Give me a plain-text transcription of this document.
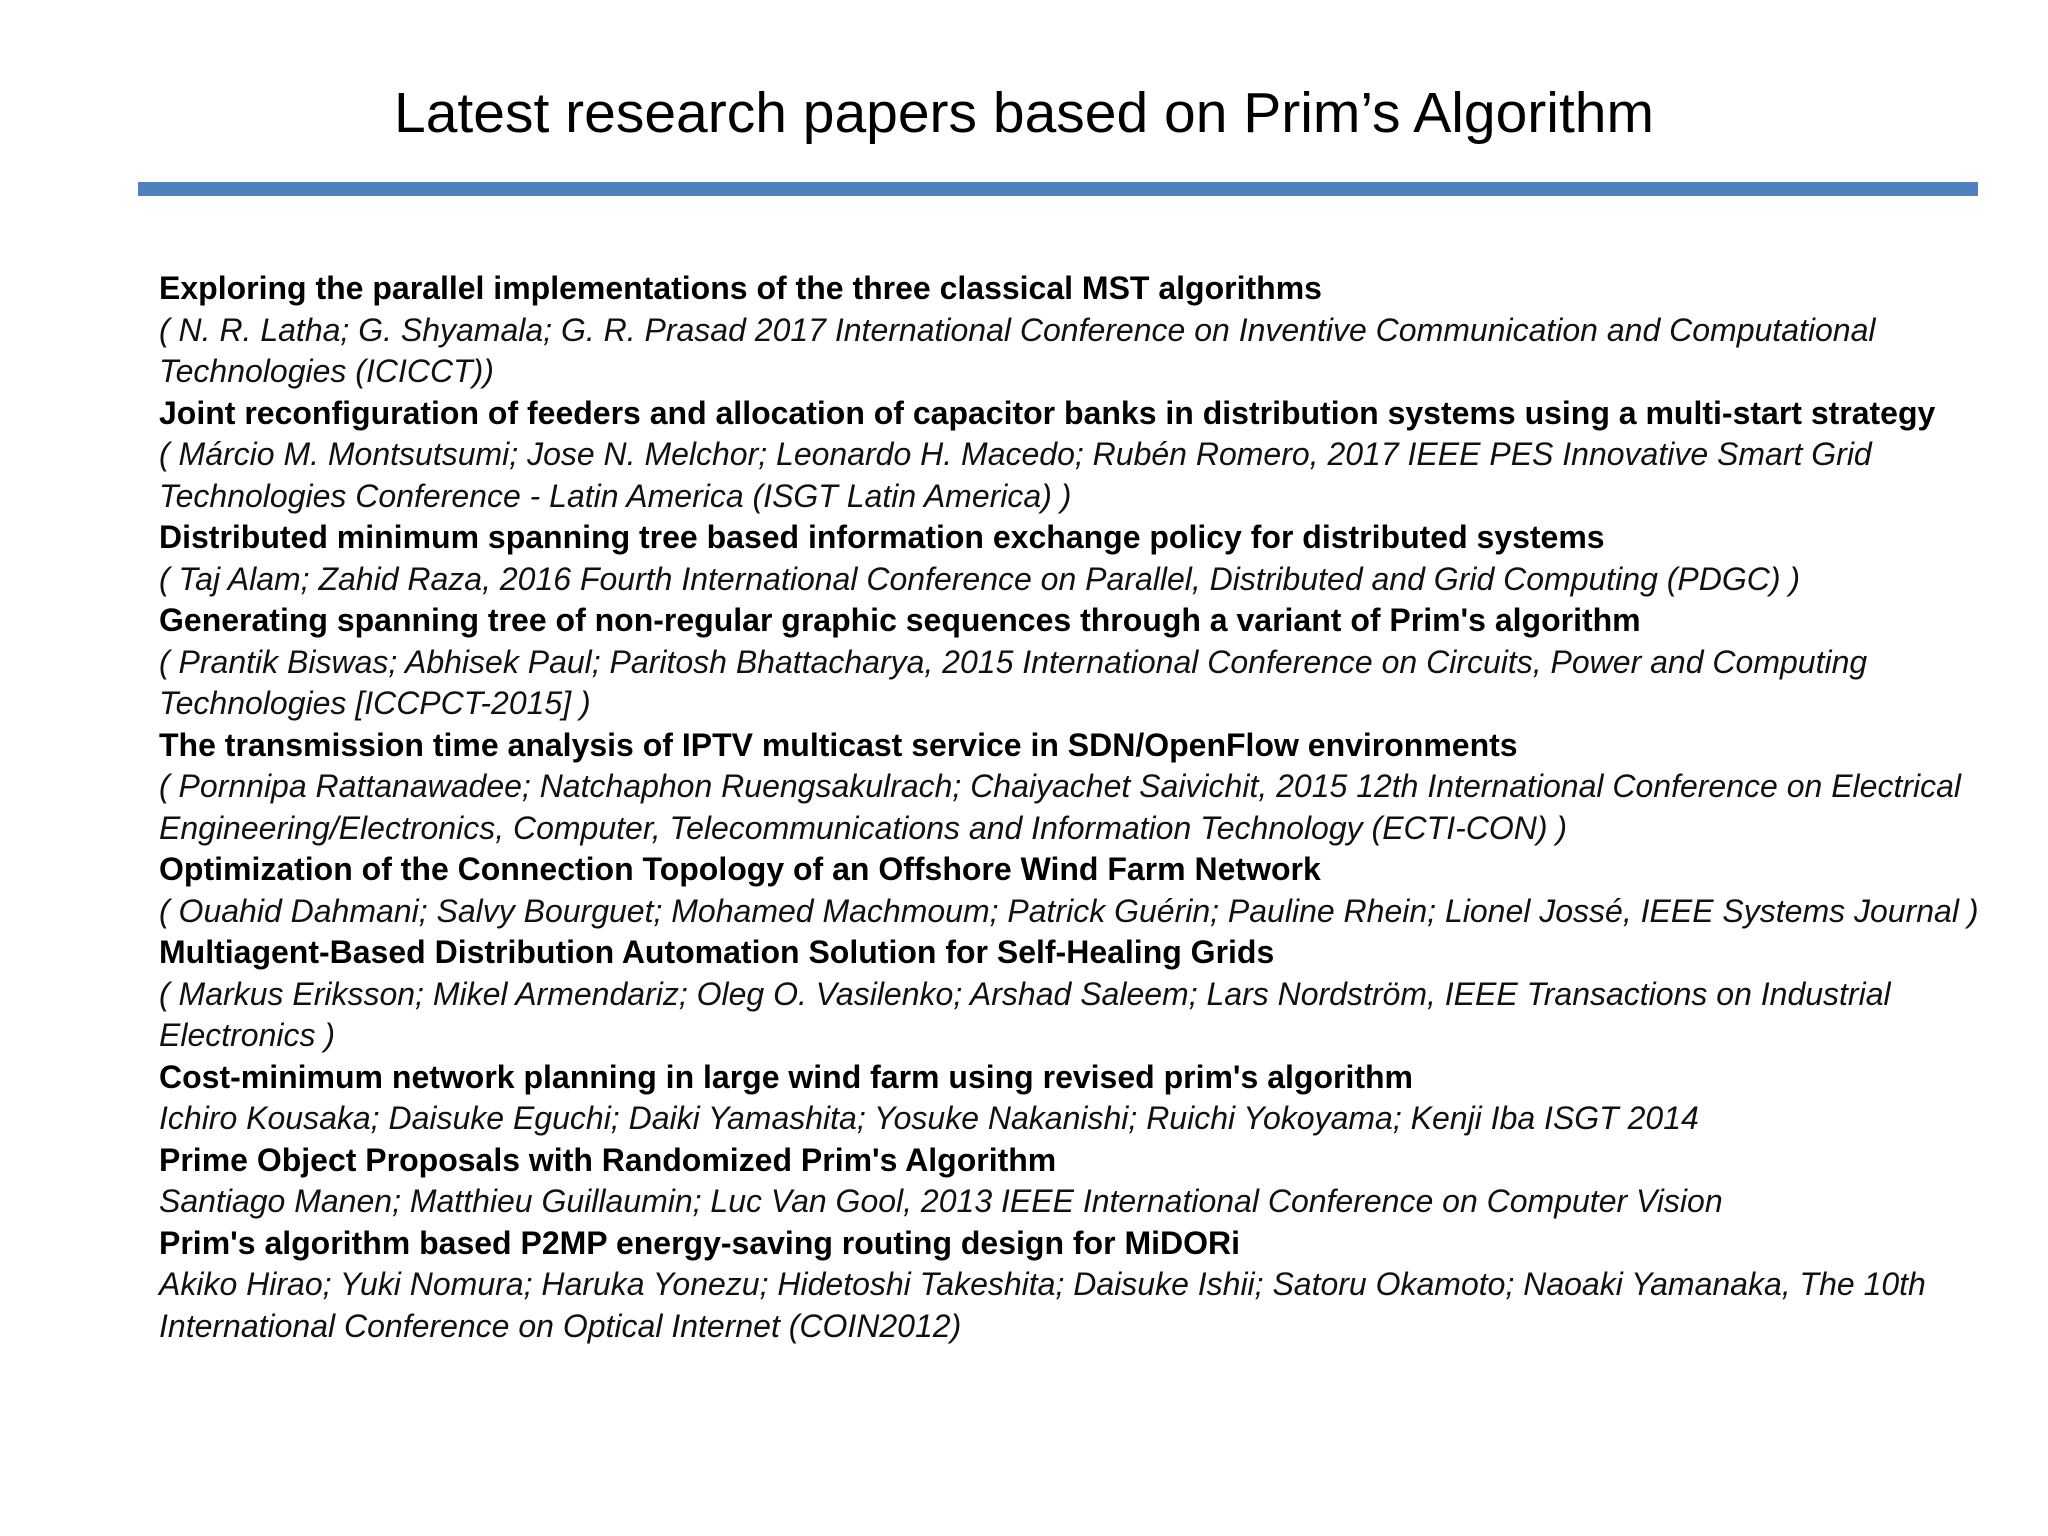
Latest research papers based on Prim’s Algorithm
Exploring the parallel implementations of the three classical MST algorithms
( N. R. Latha; G. Shyamala; G. R. Prasad 2017 International Conference on Inventive Communication and Computational Technologies (ICICCT))
Joint reconfiguration of feeders and allocation of capacitor banks in distribution systems using a multi-start strategy
( Márcio M. Montsutsumi; Jose N. Melchor; Leonardo H. Macedo; Rubén Romero, 2017 IEEE PES Innovative Smart Grid Technologies Conference - Latin America (ISGT Latin America) )
Distributed minimum spanning tree based information exchange policy for distributed systems
( Taj Alam; Zahid Raza, 2016 Fourth International Conference on Parallel, Distributed and Grid Computing (PDGC) )
Generating spanning tree of non-regular graphic sequences through a variant of Prim's algorithm
( Prantik Biswas; Abhisek Paul; Paritosh Bhattacharya, 2015 International Conference on Circuits, Power and Computing Technologies [ICCPCT-2015] )
The transmission time analysis of IPTV multicast service in SDN/OpenFlow environments
( Pornnipa Rattanawadee; Natchaphon Ruengsakulrach; Chaiyachet Saivichit, 2015 12th International Conference on Electrical Engineering/Electronics, Computer, Telecommunications and Information Technology (ECTI-CON) )
Optimization of the Connection Topology of an Offshore Wind Farm Network
( Ouahid Dahmani; Salvy Bourguet; Mohamed Machmoum; Patrick Guérin; Pauline Rhein; Lionel Jossé, IEEE Systems Journal )
Multiagent-Based Distribution Automation Solution for Self-Healing Grids
( Markus Eriksson; Mikel Armendariz; Oleg O. Vasilenko; Arshad Saleem; Lars Nordström, IEEE Transactions on Industrial Electronics )
Cost-minimum network planning in large wind farm using revised prim's algorithm
Ichiro Kousaka; Daisuke Eguchi; Daiki Yamashita; Yosuke Nakanishi; Ruichi Yokoyama; Kenji Iba ISGT 2014
Prime Object Proposals with Randomized Prim's Algorithm
Santiago Manen; Matthieu Guillaumin; Luc Van Gool, 2013 IEEE International Conference on Computer Vision
Prim's algorithm based P2MP energy-saving routing design for MiDORi
Akiko Hirao; Yuki Nomura; Haruka Yonezu; Hidetoshi Takeshita; Daisuke Ishii; Satoru Okamoto; Naoaki Yamanaka, The 10th International Conference on Optical Internet (COIN2012)
